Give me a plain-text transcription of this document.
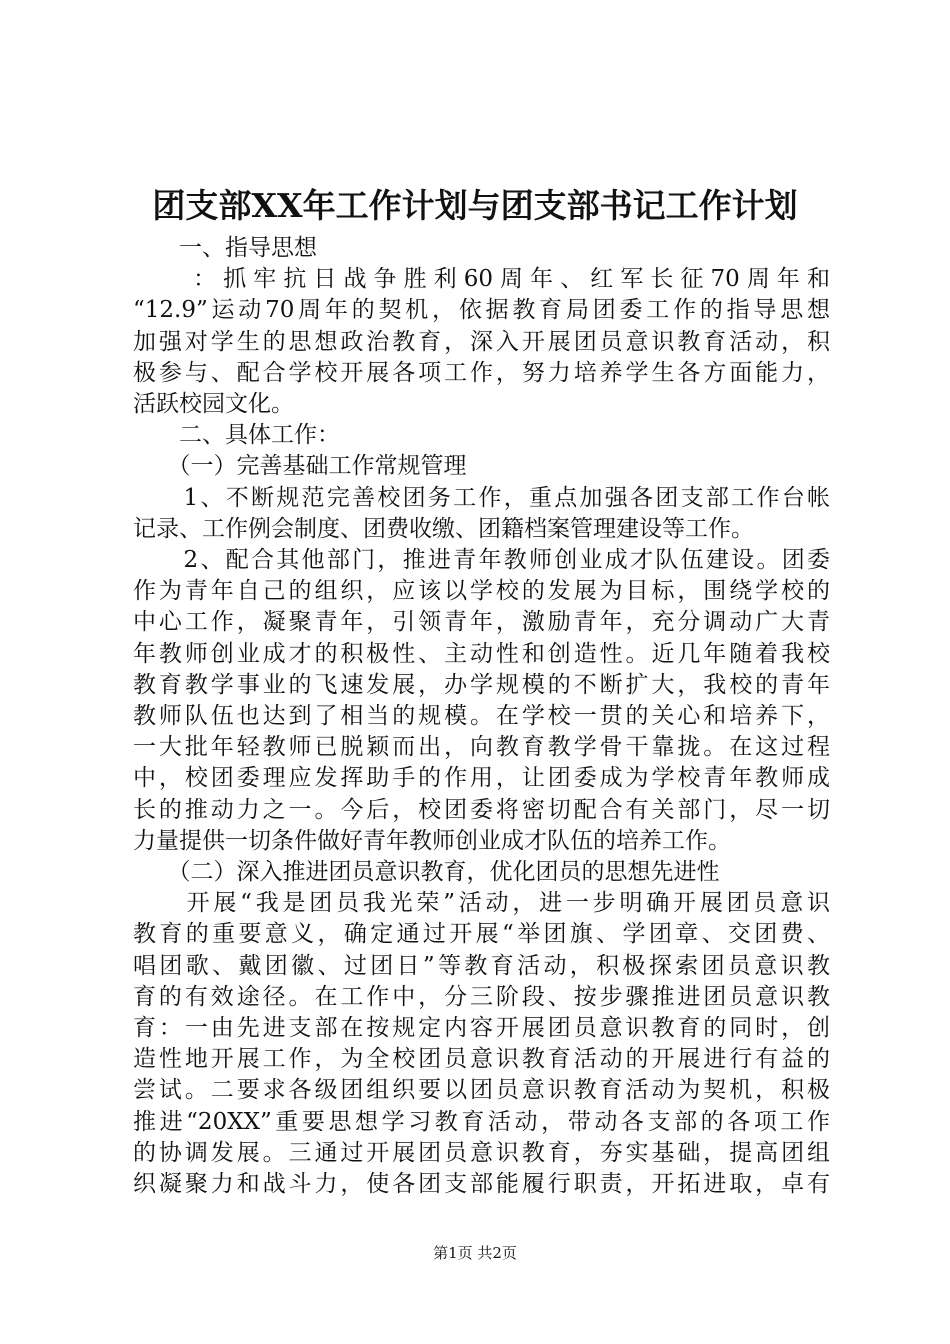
团支部XX年工作计划与团支部书记工作计划

　　一、指导思想

　　：抓牢抗日战争胜利60周年、红军长征70周年和

“12.9”运动70周年的契机，依据教育局团委工作的指导思想

加强对学生的思想政治教育，深入开展团员意识教育活动，积

极参与、配合学校开展各项工作，努力培养学生各方面能力，

活跃校园文化。

　　二、具体工作：

　　（一）完善基础工作常规管理

　　1、不断规范完善校团务工作，重点加强各团支部工作台帐

记录、工作例会制度、团费收缴、团籍档案管理建设等工作。

　　2、配合其他部门，推进青年教师创业成才队伍建设。团委

作为青年自己的组织，应该以学校的发展为目标，围绕学校的

中心工作，凝聚青年，引领青年，激励青年，充分调动广大青

年教师创业成才的积极性、主动性和创造性。近几年随着我校

教育教学事业的飞速发展，办学规模的不断扩大，我校的青年

教师队伍也达到了相当的规模。在学校一贯的关心和培养下，

一大批年轻教师已脱颖而出，向教育教学骨干靠拢。在这过程

中，校团委理应发挥助手的作用，让团委成为学校青年教师成

长的推动力之一。今后，校团委将密切配合有关部门，尽一切

力量提供一切条件做好青年教师创业成才队伍的培养工作。

　　（二）深入推进团员意识教育，优化团员的思想先进性

　　开展“我是团员我光荣”活动，进一步明确开展团员意识

教育的重要意义，确定通过开展“举团旗、学团章、交团费、

唱团歌、戴团徽、过团日”等教育活动，积极探索团员意识教

育的有效途径。在工作中，分三阶段、按步骤推进团员意识教

育：一由先进支部在按规定内容开展团员意识教育的同时，创

造性地开展工作，为全校团员意识教育活动的开展进行有益的

尝试。二要求各级团组织要以团员意识教育活动为契机，积极

推进“20XX”重要思想学习教育活动，带动各支部的各项工作

的协调发展。三通过开展团员意识教育，夯实基础，提高团组

织凝聚力和战斗力，使各团支部能履行职责，开拓进取，卓有

第1页 共2页
